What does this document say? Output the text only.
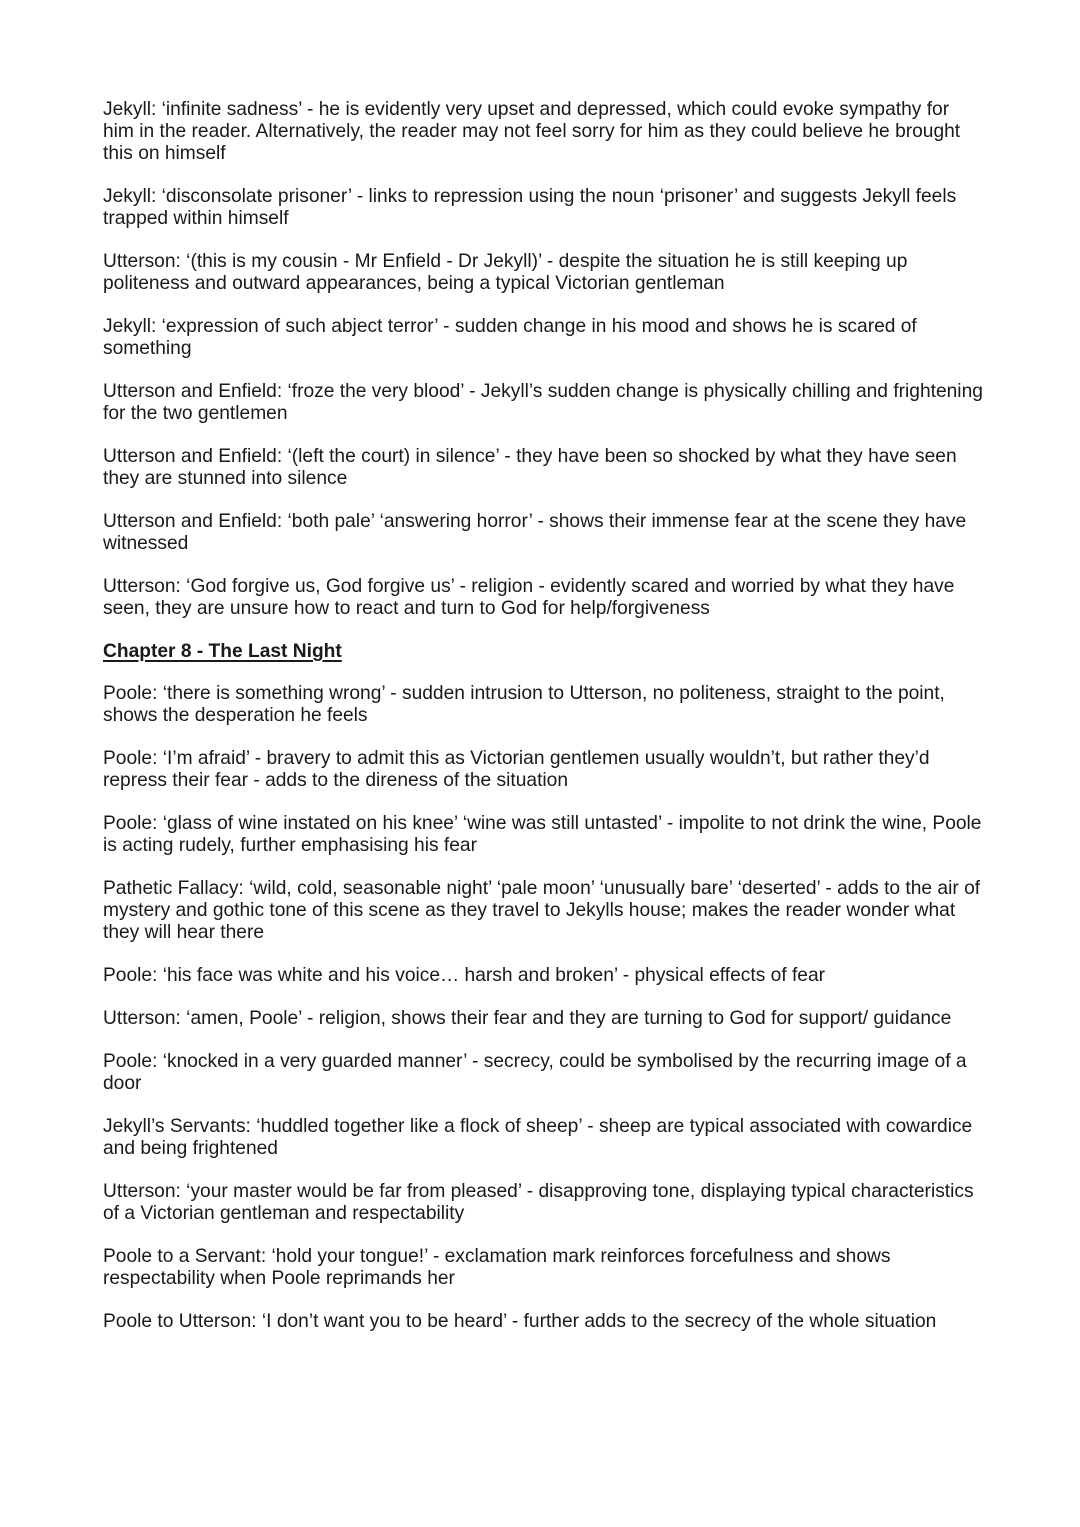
Jekyll: ‘infinite sadness’ - he is evidently very upset and depressed, which could evoke sympathy for him in the reader. Alternatively, the reader may not feel sorry for him as they could believe he brought this on himself

Jekyll: ‘disconsolate prisoner’ - links to repression using the noun ‘prisoner’ and suggests Jekyll feels trapped within himself

Utterson: ‘(this is my cousin - Mr Enfield - Dr Jekyll)’ - despite the situation he is still keeping up politeness and outward appearances, being a typical Victorian gentleman

Jekyll: ‘expression of such abject terror’ - sudden change in his mood and shows he is scared of something

Utterson and Enfield: ‘froze the very blood’ - Jekyll’s sudden change is physically chilling and frightening for the two gentlemen

Utterson and Enfield: ‘(left the court) in silence’ - they have been so shocked by what they have seen they are stunned into silence

Utterson and Enfield: ‘both pale’ ‘answering horror’ - shows their immense fear at the scene they have witnessed

Utterson: ‘God forgive us, God forgive us’ - religion - evidently scared and worried by what they have seen, they are unsure how to react and turn to God for help/forgiveness

Chapter 8 - The Last Night

Poole: ‘there is something wrong’ - sudden intrusion to Utterson, no politeness, straight to the point, shows the desperation he feels

Poole: ‘I’m afraid’ - bravery to admit this as Victorian gentlemen usually wouldn’t, but rather they’d repress their fear - adds to the direness of the situation

Poole: ‘glass of wine instated on his knee’ ‘wine was still untasted’ - impolite to not drink the wine, Poole is acting rudely, further emphasising his fear

Pathetic Fallacy: ‘wild, cold, seasonable night’ ‘pale moon’ ‘unusually bare’ ‘deserted’ - adds to the air of mystery and gothic tone of this scene as they travel to Jekylls house; makes the reader wonder what they will hear there

Poole: ‘his face was white and his voice… harsh and broken’ - physical effects of fear

Utterson: ‘amen, Poole’ - religion, shows their fear and they are turning to God for support/ guidance

Poole: ‘knocked in a very guarded manner’ - secrecy, could be symbolised by the recurring image of a door

Jekyll’s Servants: ‘huddled together like a flock of sheep’ - sheep are typical associated with cowardice and being frightened

Utterson: ‘your master would be far from pleased’ - disapproving tone, displaying typical characteristics of a Victorian gentleman and respectability

Poole to a Servant: ‘hold your tongue!’ - exclamation mark reinforces forcefulness and shows respectability when Poole reprimands her

Poole to Utterson: ‘I don’t want you to be heard’ - further adds to the secrecy of the whole situation
